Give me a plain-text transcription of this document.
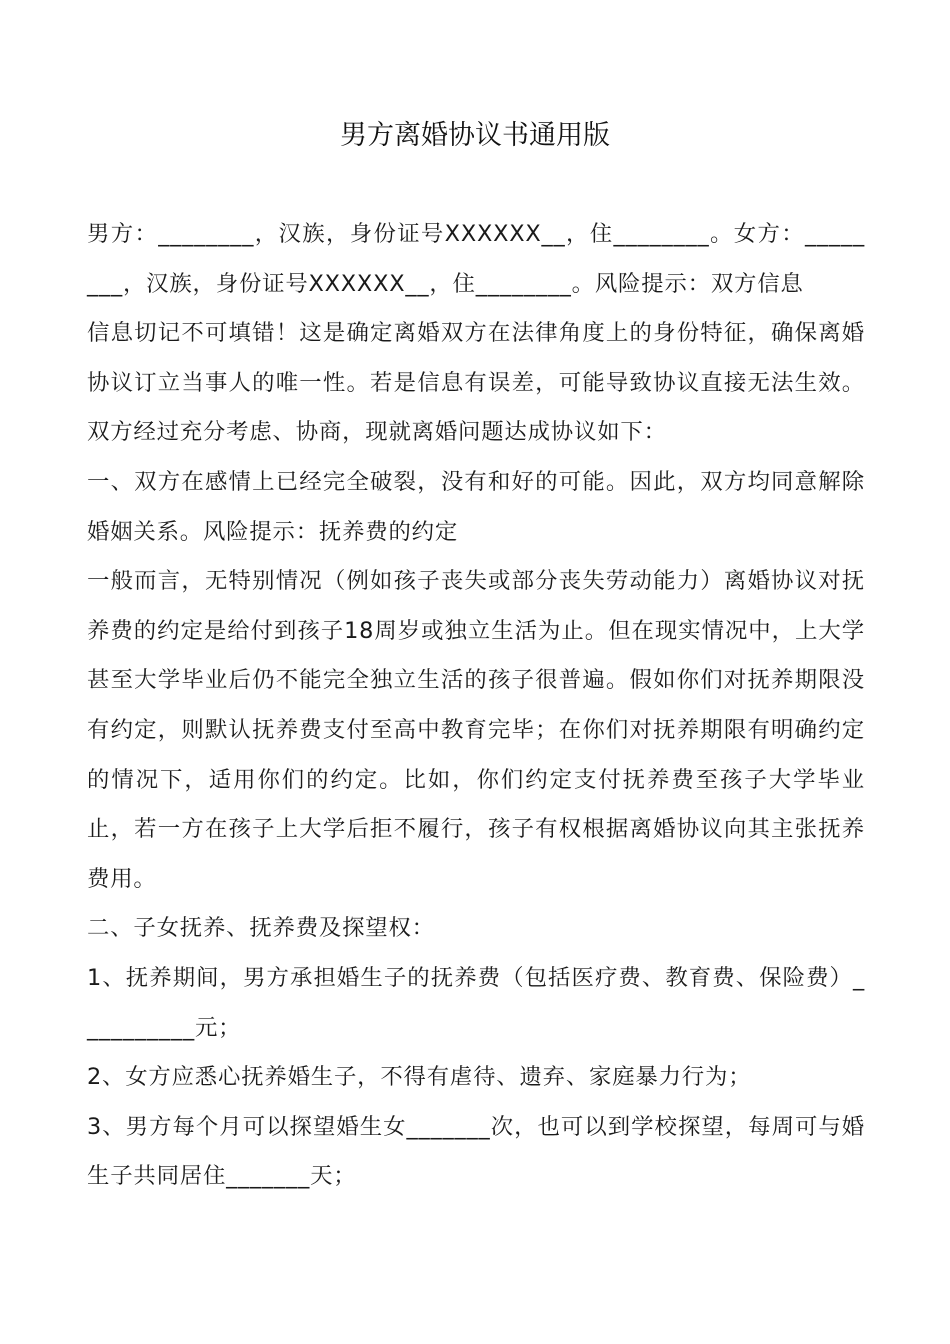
男方离婚协议书通用版

男方：________，汉族，身份证号XXXXXX__，住________。女方：________，汉族，身份证号XXXXXX__，住________。风险提示：双方信息

信息切记不可填错！这是确定离婚双方在法律角度上的身份特征，确保离婚协议订立当事人的唯一性。若是信息有误差，可能导致协议直接无法生效。双方经过充分考虑、协商，现就离婚问题达成协议如下：

一、双方在感情上已经完全破裂，没有和好的可能。因此，双方均同意解除婚姻关系。风险提示：抚养费的约定

一般而言，无特别情况（例如孩子丧失或部分丧失劳动能力）离婚协议对抚养费的约定是给付到孩子18周岁或独立生活为止。但在现实情况中，上大学甚至大学毕业后仍不能完全独立生活的孩子很普遍。假如你们对抚养期限没有约定，则默认抚养费支付至高中教育完毕；在你们对抚养期限有明确约定的情况下，适用你们的约定。比如，你们约定支付抚养费至孩子大学毕业止，若一方在孩子上大学后拒不履行，孩子有权根据离婚协议向其主张抚养费用。

二、子女抚养、抚养费及探望权：

1、抚养期间，男方承担婚生子的抚养费（包括医疗费、教育费、保险费）__________元；

2、女方应悉心抚养婚生子，不得有虐待、遗弃、家庭暴力行为；

3、男方每个月可以探望婚生女_______次，也可以到学校探望，每周可与婚生子共同居住_______天；
